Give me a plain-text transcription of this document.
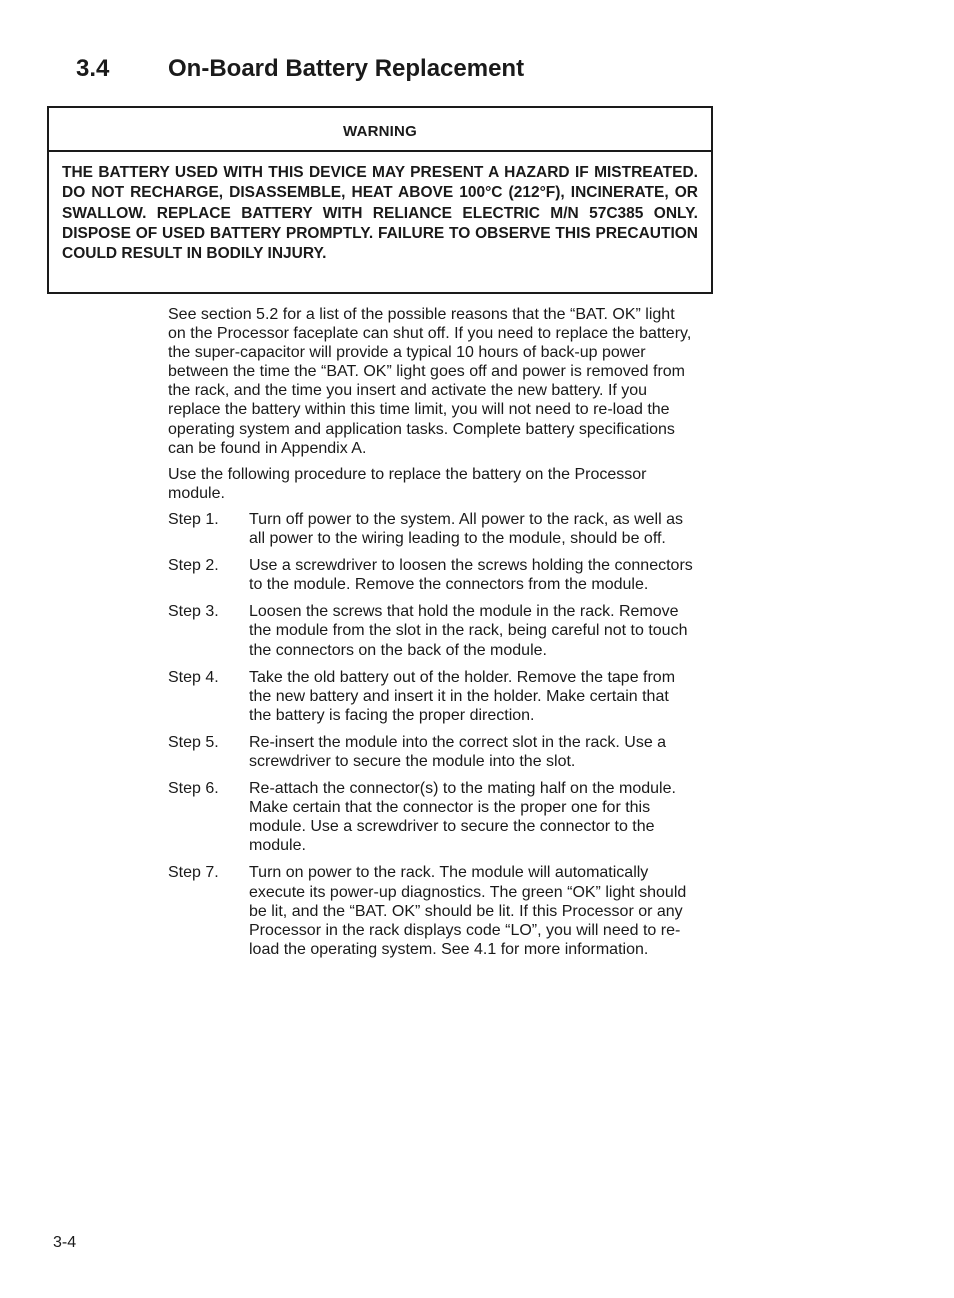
3.4 On-Board Battery Replacement
WARNING
THE BATTERY USED WITH THIS DEVICE MAY PRESENT A HAZARD IF MISTREATED. DO NOT RECHARGE, DISASSEMBLE, HEAT ABOVE 100°C (212°F), INCINERATE, OR SWALLOW. REPLACE BATTERY WITH RELIANCE ELECTRIC M/N 57C385 ONLY. DISPOSE OF USED BATTERY PROMPTLY. FAILURE TO OBSERVE THIS PRECAUTION COULD RESULT IN BODILY INJURY.

See section 5.2 for a list of the possible reasons that the “BAT. OK” light on the Processor faceplate can shut off. If you need to replace the battery, the super-capacitor will provide a typical 10 hours of back-up power between the time the “BAT. OK” light goes off and power is removed from the rack, and the time you insert and activate the new battery. If you replace the battery within this time limit, you will not need to re-load the operating system and application tasks. Complete battery specifications can be found in Appendix A.

Use the following procedure to replace the battery on the Processor module.

Step 1.	Turn off power to the system. All power to the rack, as well as all power to the wiring leading to the module, should be off.
Step 2.	Use a screwdriver to loosen the screws holding the connectors to the module. Remove the connectors from the module.
Step 3.	Loosen the screws that hold the module in the rack. Remove the module from the slot in the rack, being careful not to touch the connectors on the back of the module.
Step 4.	Take the old battery out of the holder. Remove the tape from the new battery and insert it in the holder. Make certain that the battery is facing the proper direction.
Step 5.	Re-insert the module into the correct slot in the rack. Use a screwdriver to secure the module into the slot.
Step 6.	Re-attach the connector(s) to the mating half on the module. Make certain that the connector is the proper one for this module. Use a screwdriver to secure the connector to the module.
Step 7.	Turn on power to the rack. The module will automatically execute its power-up diagnostics. The green “OK” light should be lit, and the “BAT. OK” should be lit. If this Processor or any Processor in the rack displays code “LO”, you will need to re-load the operating system. See 4.1 for more information.
3-4
